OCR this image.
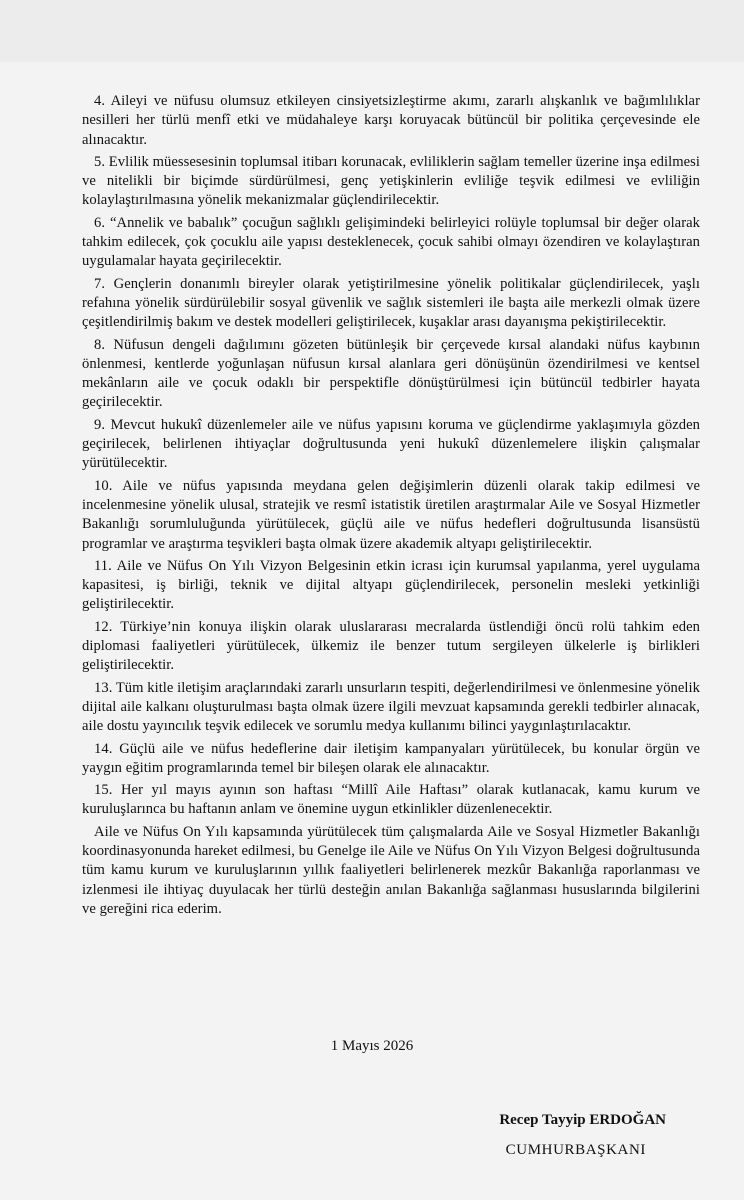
4. Aileyi ve nüfusu olumsuz etkileyen cinsiyetsizleştirme akımı, zararlı alışkanlık ve bağımlılıklar nesilleri her türlü menfî etki ve müdahaleye karşı koruyacak bütüncül bir politika çerçevesinde ele alınacaktır.

5. Evlilik müessesesinin toplumsal itibarı korunacak, evliliklerin sağlam temeller üzerine inşa edilmesi ve nitelikli bir biçimde sürdürülmesi, genç yetişkinlerin evliliğe teşvik edilmesi ve evliliğin kolaylaştırılmasına yönelik mekanizmalar güçlendirilecektir.

6. “Annelik ve babalık” çocuğun sağlıklı gelişimindeki belirleyici rolüyle toplumsal bir değer olarak tahkim edilecek, çok çocuklu aile yapısı desteklenecek, çocuk sahibi olmayı özendiren ve kolaylaştıran uygulamalar hayata geçirilecektir.

7. Gençlerin donanımlı bireyler olarak yetiştirilmesine yönelik politikalar güçlendirilecek, yaşlı refahına yönelik sürdürülebilir sosyal güvenlik ve sağlık sistemleri ile başta aile merkezli olmak üzere çeşitlendirilmiş bakım ve destek modelleri geliştirilecek, kuşaklar arası dayanışma pekiştirilecektir.

8. Nüfusun dengeli dağılımını gözeten bütünleşik bir çerçevede kırsal alandaki nüfus kaybının önlenmesi, kentlerde yoğunlaşan nüfusun kırsal alanlara geri dönüşünün özendirilmesi ve kentsel mekânların aile ve çocuk odaklı bir perspektifle dönüştürülmesi için bütüncül tedbirler hayata geçirilecektir.

9. Mevcut hukukî düzenlemeler aile ve nüfus yapısını koruma ve güçlendirme yaklaşımıyla gözden geçirilecek, belirlenen ihtiyaçlar doğrultusunda yeni hukukî düzenlemelere ilişkin çalışmalar yürütülecektir.

10. Aile ve nüfus yapısında meydana gelen değişimlerin düzenli olarak takip edilmesi ve incelenmesine yönelik ulusal, stratejik ve resmî istatistik üretilen araştırmalar Aile ve Sosyal Hizmetler Bakanlığı sorumluluğunda yürütülecek, güçlü aile ve nüfus hedefleri doğrultusunda lisansüstü programlar ve araştırma teşvikleri başta olmak üzere akademik altyapı geliştirilecektir.

11. Aile ve Nüfus On Yılı Vizyon Belgesinin etkin icrası için kurumsal yapılanma, yerel uygulama kapasitesi, iş birliği, teknik ve dijital altyapı güçlendirilecek, personelin mesleki yetkinliği geliştirilecektir.

12. Türkiye’nin konuya ilişkin olarak uluslararası mecralarda üstlendiği öncü rolü tahkim eden diplomasi faaliyetleri yürütülecek, ülkemiz ile benzer tutum sergileyen ülkelerle iş birlikleri geliştirilecektir.

13. Tüm kitle iletişim araçlarındaki zararlı unsurların tespiti, değerlendirilmesi ve önlenmesine yönelik dijital aile kalkanı oluşturulması başta olmak üzere ilgili mevzuat kapsamında gerekli tedbirler alınacak, aile dostu yayıncılık teşvik edilecek ve sorumlu medya kullanımı bilinci yaygınlaştırılacaktır.

14. Güçlü aile ve nüfus hedeflerine dair iletişim kampanyaları yürütülecek, bu konular örgün ve yaygın eğitim programlarında temel bir bileşen olarak ele alınacaktır.

15. Her yıl mayıs ayının son haftası “Millî Aile Haftası” olarak kutlanacak, kamu kurum ve kuruluşlarınca bu haftanın anlam ve önemine uygun etkinlikler düzenlenecektir.

Aile ve Nüfus On Yılı kapsamında yürütülecek tüm çalışmalarda Aile ve Sosyal Hizmetler Bakanlığı koordinasyonunda hareket edilmesi, bu Genelge ile Aile ve Nüfus On Yılı Vizyon Belgesi doğrultusunda tüm kamu kurum ve kuruluşlarının yıllık faaliyetleri belirlenerek mezkûr Bakanlığa raporlanması ve izlenmesi ile ihtiyaç duyulacak her türlü desteğin anılan Bakanlığa sağlanması hususlarında bilgilerini ve gereğini rica ederim.

1 Mayıs 2026
Recep Tayyip ERDOĞAN
CUMHURBAŞKANI
